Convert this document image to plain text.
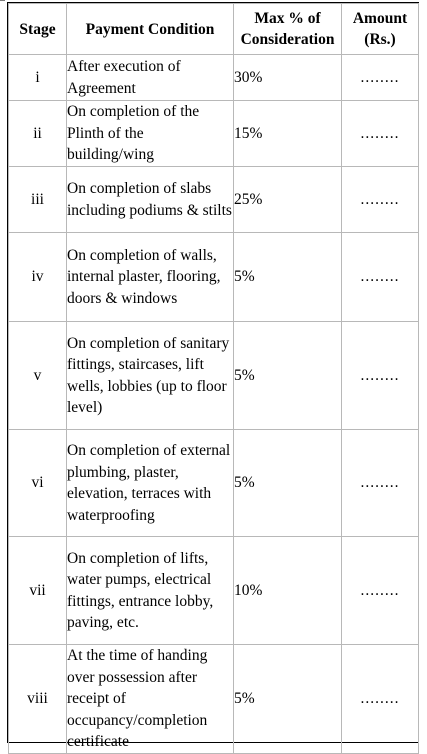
Stage	Payment Condition	Max % of Consideration	Amount (Rs.)
i	After execution of Agreement	30%	........
ii	On completion of the Plinth of the building/wing	15%	........
iii	On completion of slabs including podiums & stilts	25%	........
iv	On completion of walls, internal plaster, flooring, doors & windows	5%	........
v	On completion of sanitary fittings, staircases, lift wells, lobbies (up to floor level)	5%	........
vi	On completion of external plumbing, plaster, elevation, terraces with waterproofing	5%	........
vii	On completion of lifts, water pumps, electrical fittings, entrance lobby, paving, etc.	10%	........
viii	At the time of handing over possession after receipt of occupancy/completion certificate	5%	........
